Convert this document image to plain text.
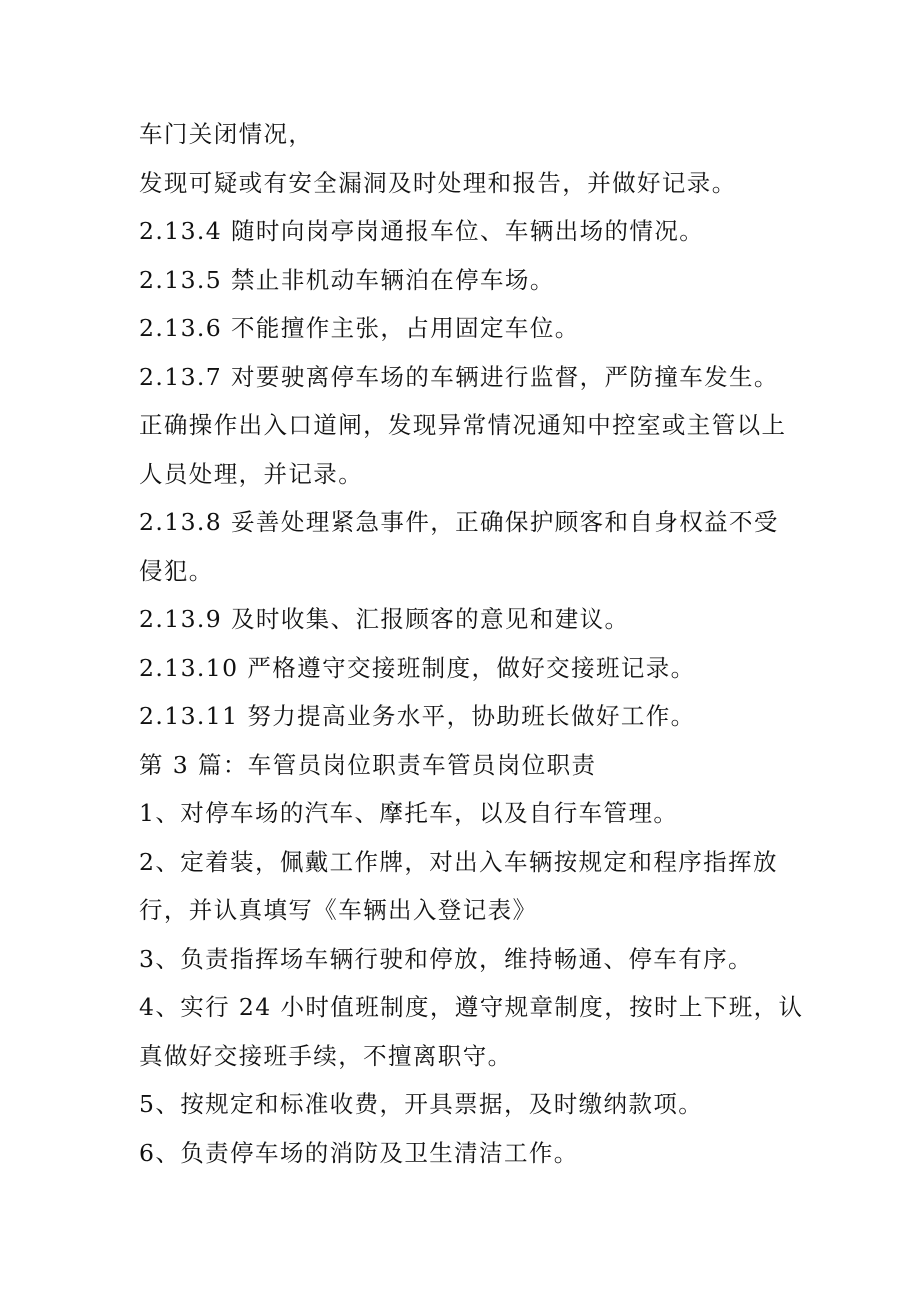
车门关闭情况，
发现可疑或有安全漏洞及时处理和报告，并做好记录。
2.13.4 随时向岗亭岗通报车位、车辆出场的情况。
2.13.5 禁止非机动车辆泊在停车场。
2.13.6 不能擅作主张，占用固定车位。
2.13.7 对要驶离停车场的车辆进行监督，严防撞车发生。
正确操作出入口道闸，发现异常情况通知中控室或主管以上
人员处理，并记录。
2.13.8 妥善处理紧急事件，正确保护顾客和自身权益不受
侵犯。
2.13.9 及时收集、汇报顾客的意见和建议。
2.13.10 严格遵守交接班制度，做好交接班记录。
2.13.11 努力提高业务水平，协助班长做好工作。
第 3 篇：车管员岗位职责车管员岗位职责
1、对停车场的汽车、摩托车，以及自行车管理。
2、定着装，佩戴工作牌，对出入车辆按规定和程序指挥放
行，并认真填写《车辆出入登记表》
3、负责指挥场车辆行驶和停放，维持畅通、停车有序。
4、实行 24 小时值班制度，遵守规章制度，按时上下班，认
真做好交接班手续，不擅离职守。
5、按规定和标准收费，开具票据，及时缴纳款项。
6、负责停车场的消防及卫生清洁工作。
